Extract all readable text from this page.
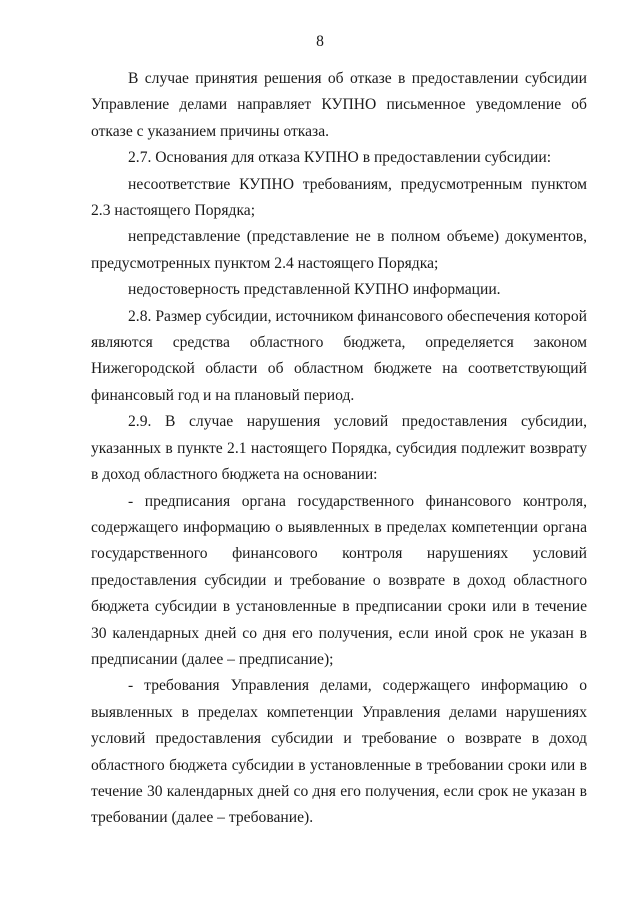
8

В случае принятия решения об отказе в предоставлении субсидии Управление делами направляет КУПНО письменное уведомление об отказе с указанием причины отказа.

2.7. Основания для отказа КУПНО в предоставлении субсидии:

несоответствие КУПНО требованиям, предусмотренным пунктом 2.3 настоящего Порядка;

непредставление (представление не в полном объеме) документов, предусмотренных пунктом 2.4 настоящего Порядка;

недостоверность представленной КУПНО информации.

2.8. Размер субсидии, источником финансового обеспечения которой являются средства областного бюджета, определяется законом Нижегородской области об областном бюджете на соответствующий финансовый год и на плановый период.

2.9. В случае нарушения условий предоставления субсидии, указанных в пункте 2.1 настоящего Порядка, субсидия подлежит возврату в доход областного бюджета на основании:

- предписания органа государственного финансового контроля, содержащего информацию о выявленных в пределах компетенции органа государственного финансового контроля нарушениях условий предоставления субсидии и требование о возврате в доход областного бюджета субсидии в установленные в предписании сроки или в течение 30 календарных дней со дня его получения, если иной срок не указан в предписании (далее – предписание);

- требования Управления делами, содержащего информацию о выявленных в пределах компетенции Управления делами нарушениях условий предоставления субсидии и требование о возврате в доход областного бюджета субсидии в установленные в требовании сроки или в течение 30 календарных дней со дня его получения, если срок не указан в требовании (далее – требование).
